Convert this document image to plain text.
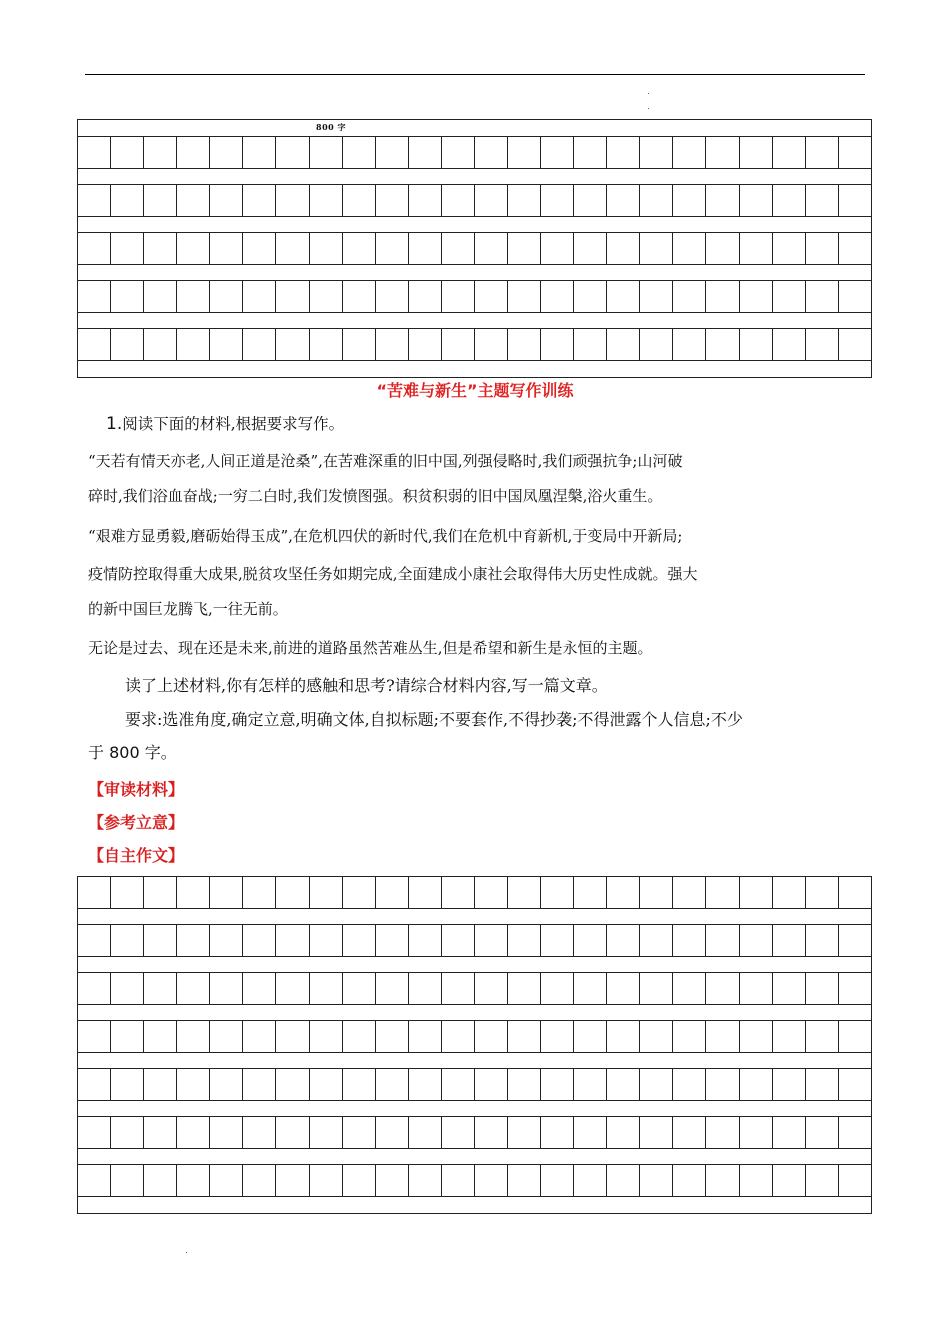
800 字
“苦难与新生”主题写作训练
1.阅读下面的材料,根据要求写作。
“天若有情天亦老,人间正道是沧桑”,在苦难深重的旧中国,列强侵略时,我们顽强抗争;山河破
碎时,我们浴血奋战;一穷二白时,我们发愤图强。积贫积弱的旧中国凤凰涅槃,浴火重生。
“艰难方显勇毅,磨砺始得玉成”,在危机四伏的新时代,我们在危机中育新机,于变局中开新局;
疫情防控取得重大成果,脱贫攻坚任务如期完成,全面建成小康社会取得伟大历史性成就。强大
的新中国巨龙腾飞,一往无前。
无论是过去、现在还是未来,前进的道路虽然苦难丛生,但是希望和新生是永恒的主题。
读了上述材料,你有怎样的感触和思考?请综合材料内容,写一篇文章。
要求:选准角度,确定立意,明确文体,自拟标题;不要套作,不得抄袭;不得泄露个人信息;不少
于 800 字。
【审读材料】
【参考立意】
【自主作文】
